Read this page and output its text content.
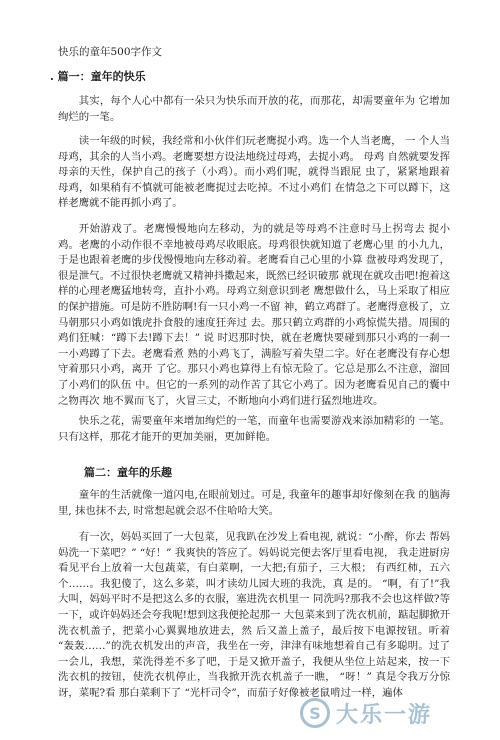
快乐的童年500字作文
. 篇一：童年的快乐

其实，每个人心中都有一朵只为快乐而开放的花，而那花，却需要童年为 它增加绚烂的一笔。

读一年级的时候，我经常和小伙伴们玩老鹰捉小鸡。选一个人当老鹰， 一 个人当母鸡，其余的人当小鸡。老鹰要想方设法地绕过母鸡，去捉小鸡。 母鸡 自然就要发挥母亲的天性，保护自己的孩子（小鸡）。而小鸡们呢，就得当跟屁 虫了，紧紧地跟着母鸡，如果稍有不慎就可能被老鹰捉过去吃掉。不过小鸡们 在情急之下可以蹲下，这样老鹰就不能再抓小鸡了。

开始游戏了。老鹰慢慢地向左移动，为的就是等母鸡不注意时马上拐弯去 捉小鸡。老鹰的小动作很不幸地被母鸡尽收眼底。母鸡很快就知道了老鹰心里 的小九九，于是也跟着老鹰的步伐慢慢地向左移动着。老鹰看自己心里的小算 盘被母鸡发现了，很是泄气。不过很快老鹰就又精神抖擞起来，既然已经识破那 就现在就攻击吧!抱着这样的心理老鹰猛地转弯，直扑小鸡。母鸡立刻意识到老 鹰想做什么，马上采取了相应的保护措施。可是防不胜防啊!有一只小鸡一不留 神，鹤立鸡群了。老鹰得意极了，立马朝那只小鸡如饿虎扑食般的速度狂奔过 去。那只鹤立鸡群的小鸡惊慌失措。周围的鸡们狂喊：“蹲下去!蹲下去！” 说 时迟那时快，就在老鹰快要碰到那只小鸡的一刹一一小鸡蹲了下去。老鹰看煮 熟的小鸡飞了，满脸写着失望二字。好在老鹰没有存心想守着那只小鸡，离开 了它。那只小鸡也算得上有惊无险了。它总是那么不注意，溜回了小鸡们的队伍 中。但它的一系列的动作苦了其它小鸡了。因为老鹰看见自己的囊中之物再次 地不翼而飞了，火冒三丈，不断地向小鸡们进行猛烈地进攻。

快乐之花，需要童年来增加绚烂的一笔，而童年也需要游戏来添加精彩的 一笔。只有这样，那花才能开的更加美丽，更加鲜艳。

篇二：童年的乐趣

童年的生活就像一道闪电,在眼前划过。可是, 我童年的趣事却好像刻在我 的脑海里, 抹也抹不去, 时常想起就会忍不住哈哈大笑。

有一次，妈妈买回了一大包菜，见我趴在沙发上看电视, 就说：“小醉，你去 帮妈妈洗一下菜吧？” “好！” 我爽快的答应了。妈妈说完便去客厅里看电视， 我走进厨房看见平台上放着一大包蔬菜，有白菜啊，一大把;有茄子，三大根； 有西红柿，五六个……。我犯傻了，这么多菜，叫才读幼儿园大班的我洗，真 是的。 “啊，有了!”我大叫，妈妈平时不是把这么多的衣服，塞进洗衣机里一 同洗吗?那我不会也这样做?等一下，或许妈妈还会夸我呢!想到这我便抡起那一 大包菜来到了洗衣机前，踮起脚掀开洗衣机盖子，把菜小心翼翼地放进去，然 后又盖上盖子，最后按下电源按钮。听着 “轰轰……”的洗衣机发出的声音，我坐在一旁，津津有味地想着自己有多聪明。过了一会儿，我想，菜洗得差不多了吧，于是又掀开盖子，我便从坐位上站起来，按一下洗衣机的按钮，使洗衣机停止，当我掀开洗衣机盖子一瞧， “呀！” 真是令我万分惊讶，菜呢?看 那白菜剩下了 “光杆司令”，而茄子好像被老鼠啃过一样，遍体

S 大乐一游
